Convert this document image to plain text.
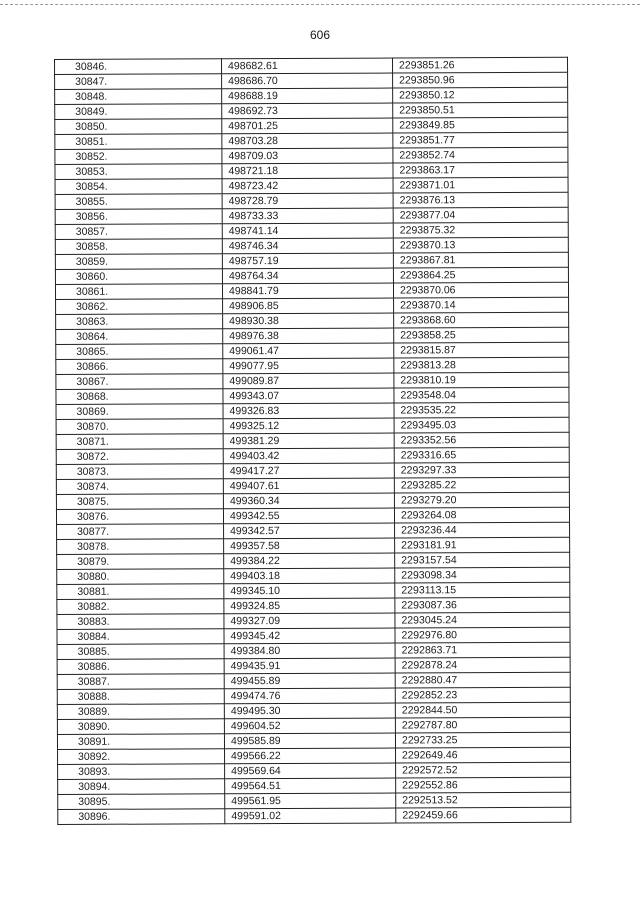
606
30846.	498682.61	2293851.26
30847.	498686.70	2293850.96
30848.	498688.19	2293850.12
30849.	498692.73	2293850.51
30850.	498701.25	2293849.85
30851.	498703.28	2293851.77
30852.	498709.03	2293852.74
30853.	498721.18	2293863.17
30854.	498723.42	2293871.01
30855.	498728.79	2293876.13
30856.	498733.33	2293877.04
30857.	498741.14	2293875.32
30858.	498746.34	2293870.13
30859.	498757.19	2293867.81
30860.	498764.34	2293864.25
30861.	498841.79	2293870.06
30862.	498906.85	2293870.14
30863.	498930.38	2293868.60
30864.	498976.38	2293858.25
30865.	499061.47	2293815.87
30866.	499077.95	2293813.28
30867.	499089.87	2293810.19
30868.	499343.07	2293548.04
30869.	499326.83	2293535.22
30870.	499325.12	2293495.03
30871.	499381.29	2293352.56
30872.	499403.42	2293316.65
30873.	499417.27	2293297.33
30874.	499407.61	2293285.22
30875.	499360.34	2293279.20
30876.	499342.55	2293264.08
30877.	499342.57	2293236.44
30878.	499357.58	2293181.91
30879.	499384.22	2293157.54
30880.	499403.18	2293098.34
30881.	499345.10	2293113.15
30882.	499324.85	2293087.36
30883.	499327.09	2293045.24
30884.	499345.42	2292976.80
30885.	499384.80	2292863.71
30886.	499435.91	2292878.24
30887.	499455.89	2292880.47
30888.	499474.76	2292852.23
30889.	499495.30	2292844.50
30890.	499604.52	2292787.80
30891.	499585.89	2292733.25
30892.	499566.22	2292649.46
30893.	499569.64	2292572.52
30894.	499564.51	2292552.86
30895.	499561.95	2292513.52
30896.	499591.02	2292459.66
